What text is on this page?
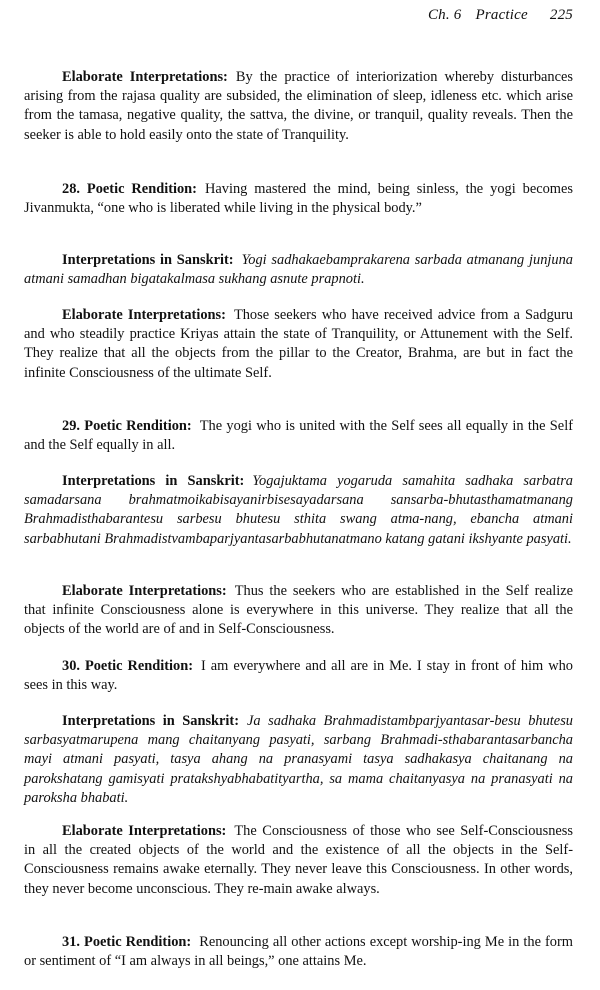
Ch. 6 Practice 225

Elaborate Interpretations: By the practice of interiorization whereby disturbances arising from the rajasa quality are subsided, the elimination of sleep, idleness etc. which arise from the tamasa, negative quality, the sattva, the divine, or tranquil, quality reveals. Then the seeker is able to hold easily onto the state of Tranquility.

28. Poetic Rendition: Having mastered the mind, being sinless, the yogi becomes Jivanmukta, “one who is liberated while living in the physical body.”

Interpretations in Sanskrit: Yogi sadhakaebamprakarena sarbada atmanang junjuna atmani samadhan bigatakalmasa sukhang asnute prapnoti.

Elaborate Interpretations: Those seekers who have received advice from a Sadguru and who steadily practice Kriyas attain the state of Tranquility, or Attunement with the Self. They realize that all the objects from the pillar to the Creator, Brahma, are but in fact the infinite Consciousness of the ultimate Self.

29. Poetic Rendition: The yogi who is united with the Self sees all equally in the Self and the Self equally in all.

Interpretations in Sanskrit: Yogajuktama yogaruda samahita sadhaka sarbatra samadarsana brahmatmoikabisayanirbisesayadarsana sansarba-bhutasthamatmanang Brahmadisthabarantesu sarbesu bhutesu sthita swang atma-nang, ebancha atmani sarbabhutani Brahmadistvambaparjyantasarbabhutanatmano katang gatani ikshyante pasyati.

Elaborate Interpretations: Thus the seekers who are established in the Self realize that infinite Consciousness alone is everywhere in this universe. They realize that all the objects of the world are of and in Self-Consciousness.

30. Poetic Rendition: I am everywhere and all are in Me. I stay in front of him who sees in this way.

Interpretations in Sanskrit: Ja sadhaka Brahmadistambparjyantasar-besu bhutesu sarbasyatmarupena mang chaitanyang pasyati, sarbang Brahmadi-sthabarantasarbancha mayi atmani pasyati, tasya ahang na pranasyami tasya sadhakasya chaitanang na parokshatang gamisyati pratakshyabhabatityartha, sa mama chaitanyasya na pranasyati na paroksha bhabati.

Elaborate Interpretations: The Consciousness of those who see Self-Consciousness in all the created objects of the world and the existence of all the objects in the Self-Consciousness remains awake eternally. They never leave this Consciousness. In other words, they never become unconscious. They re-main awake always.

31. Poetic Rendition: Renouncing all other actions except worship-ing Me in the form or sentiment of “I am always in all beings,” one attains Me.
